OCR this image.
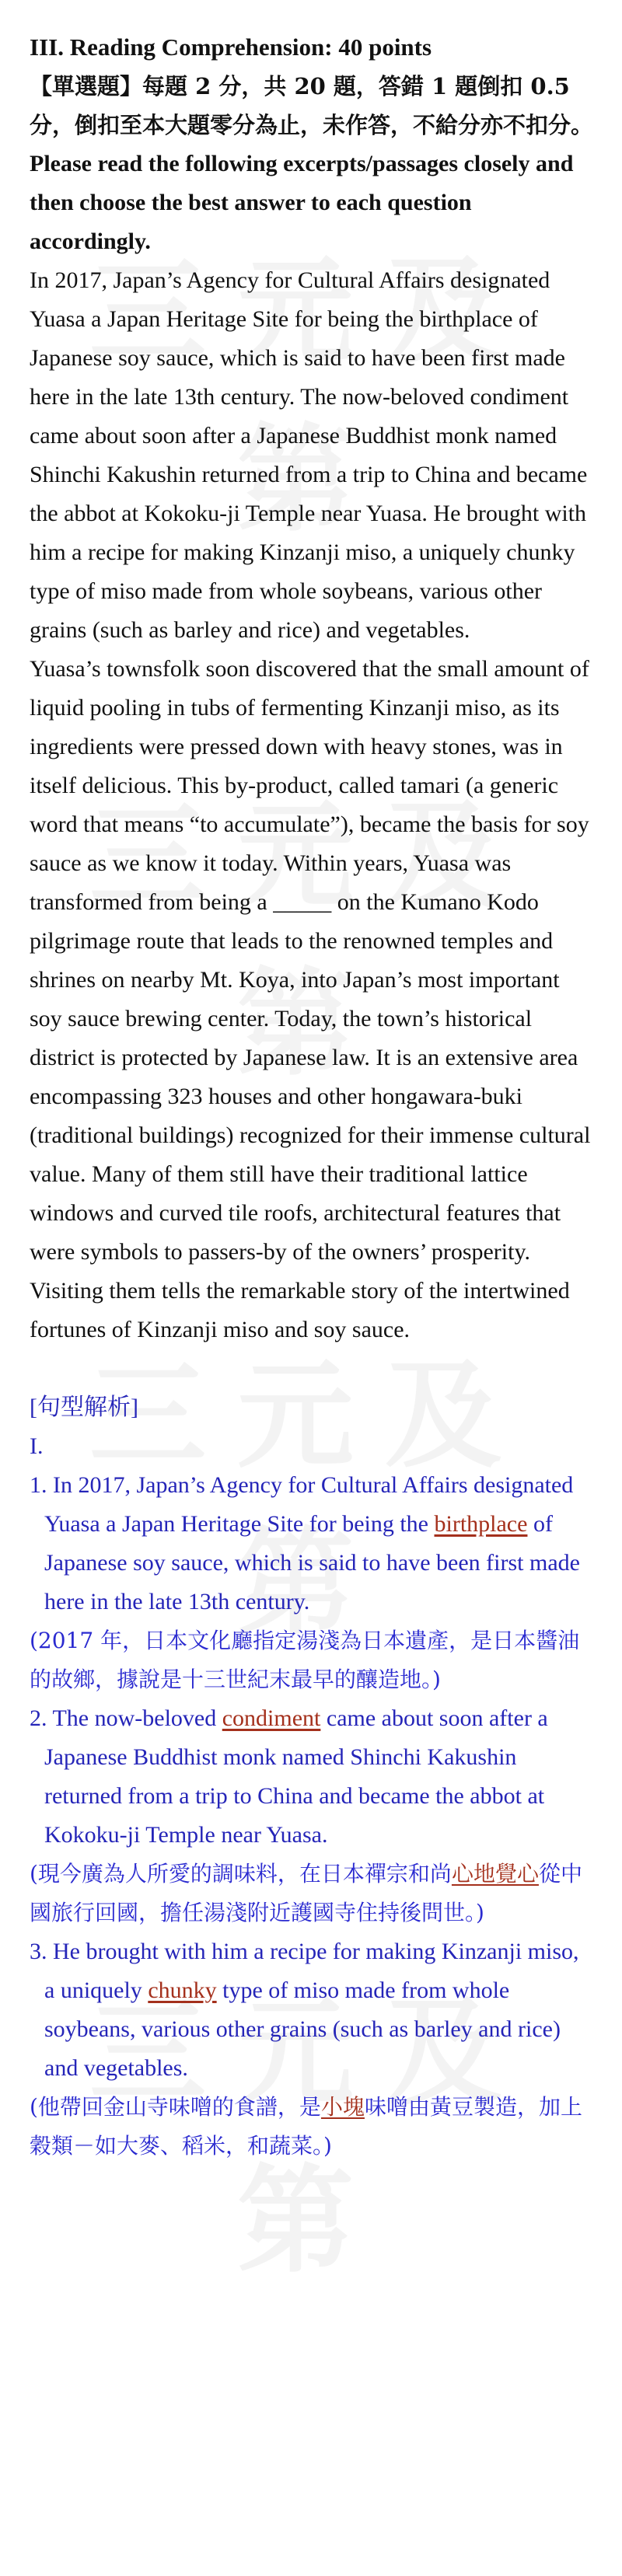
III. Reading Comprehension: 40 points
【單選題】每題 2 分，共 20 題，答錯 1 題倒扣 0.5 分，倒扣至本大題零分為止，未作答，不給分亦不扣分。
Please read the following excerpts/passages closely and then choose the best answer to each question accordingly.

In 2017, Japan’s Agency for Cultural Affairs designated Yuasa a Japan Heritage Site for being the birthplace of Japanese soy sauce, which is said to have been first made here in the late 13th century. The now-beloved condiment came about soon after a Japanese Buddhist monk named Shinchi Kakushin returned from a trip to China and became the abbot at Kokoku-ji Temple near Yuasa. He brought with him a recipe for making Kinzanji miso, a uniquely chunky type of miso made from whole soybeans, various other grains (such as barley and rice) and vegetables.

Yuasa’s townsfolk soon discovered that the small amount of liquid pooling in tubs of fermenting Kinzanji miso, as its ingredients were pressed down with heavy stones, was in itself delicious. This by-product, called tamari (a generic word that means “to accumulate”), became the basis for soy sauce as we know it today. Within years, Yuasa was transformed from being a _____ on the Kumano Kodo pilgrimage route that leads to the renowned temples and shrines on nearby Mt. Koya, into Japan’s most important soy sauce brewing center. Today, the town’s historical district is protected by Japanese law. It is an extensive area encompassing 323 houses and other hongawara-buki (traditional buildings) recognized for their immense cultural value. Many of them still have their traditional lattice windows and curved tile roofs, architectural features that were symbols to passers-by of the owners’ prosperity. Visiting them tells the remarkable story of the intertwined fortunes of Kinzanji miso and soy sauce.

[句型解析]

I.

1. In 2017, Japan’s Agency for Cultural Affairs designated Yuasa a Japan Heritage Site for being the birthplace of Japanese soy sauce, which is said to have been first made here in the late 13th century.
(2017 年，日本文化廳指定湯淺為日本遺產，是日本醬油的故鄉，據說是十三世紀末最早的釀造地。)
2. The now-beloved condiment came about soon after a Japanese Buddhist monk named Shinchi Kakushin returned from a trip to China and became the abbot at Kokoku-ji Temple near Yuasa.
(現今廣為人所愛的調味料，在日本禪宗和尚心地覺心從中國旅行回國，擔任湯淺附近護國寺住持後問世。)
3. He brought with him a recipe for making Kinzanji miso, a uniquely chunky type of miso made from whole soybeans, various other grains (such as barley and rice) and vegetables.
(他帶回金山寺味噌的食譜，是小塊味噌由黃豆製造，加上穀類－如大麥、稻米，和蔬菜。)
